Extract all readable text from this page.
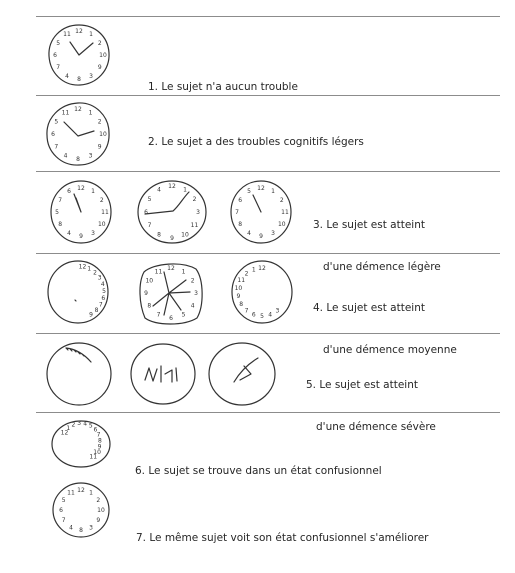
12 1
2
10
9
3
8
4
7
6
5
11

1. Le sujet n'a aucun trouble

12 1
2
10
9
3
8
4
7
6
5
11

2. Le sujet a des troubles cognitifs légers

12 1
2
11
10
3
9
4
8
5
7
6
12 1
2
3
11
10
9
8
7
6
5
4	12 1
2
11
10
3
9
4
8
7
6
5

3. Le sujet est atteint

d'une démence légère

12 1
2
3
4
5
6
7
8
9
12 1
2
3
4
5
6
7
8
9
10
11	12
1
2
11
10
9
8
7
6 5 4
3

	4. Le sujet est atteint

d'une démence moyenne

5. Le sujet est atteint

d'une démence sévère

12
1 2 3 4 5
6
7
8
9
10
11

6. Le sujet se trouve dans un état confusionnel

12 1
2
10
9
3
8
4
7
6
5
11

7. Le même sujet voit son état confusionnel s'améliorer
